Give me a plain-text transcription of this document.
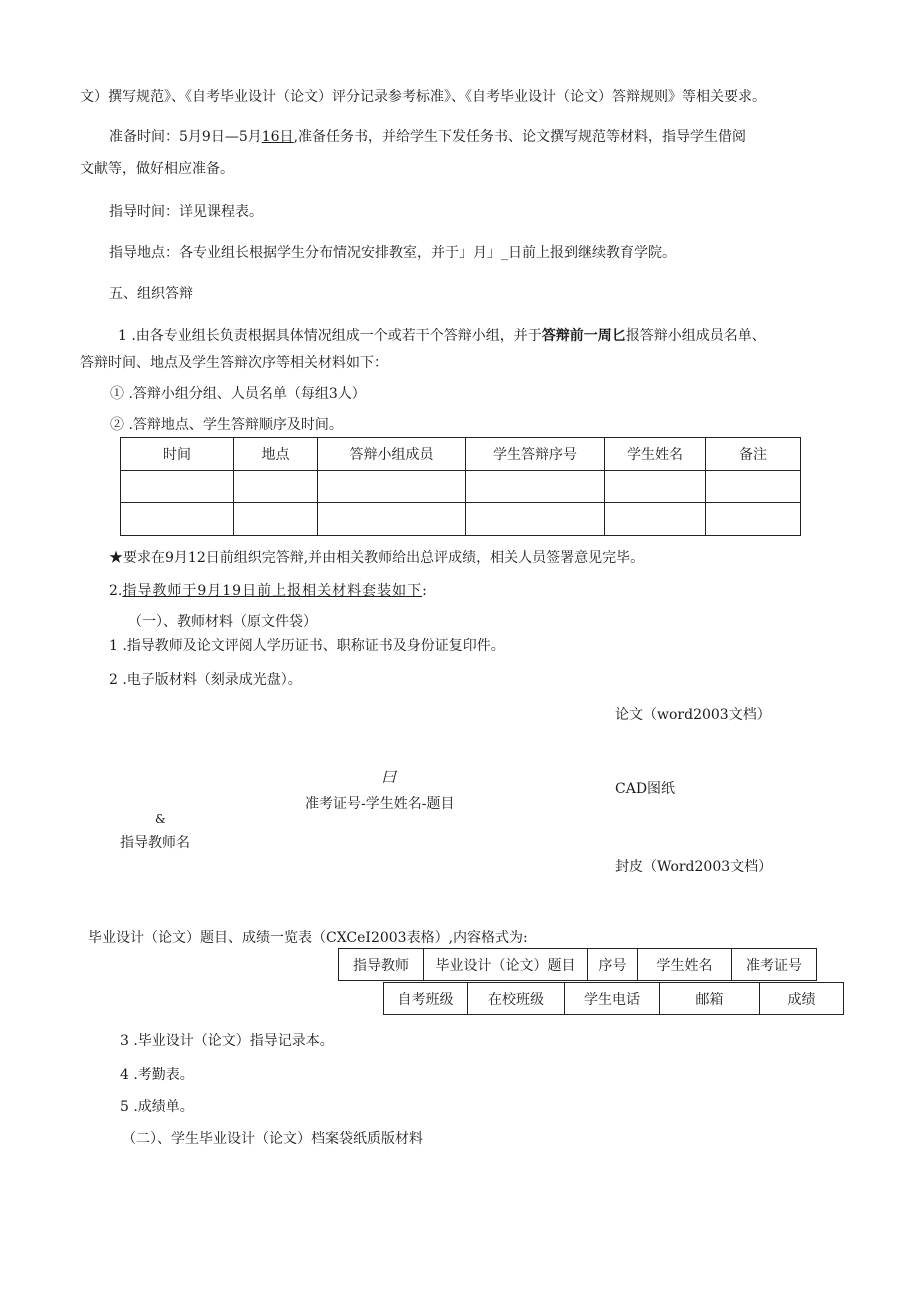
文）撰写规范》、《自考毕业设计（论文）评分记录参考标准》、《自考毕业设计（论文）答辩规则》等相关要求。
准备时间：5月9日—5月16日,准备任务书，并给学生下发任务书、论文撰写规范等材料，指导学生借阅
文献等，做好相应准备。
指导时间：详见课程表。
指导地点：各专业组长根据学生分布情况安排教室，并于」月」_日前上报到继续教育学院。
五、组织答辩
1 .由各专业组长负责根据具体情况组成一个或若干个答辩小组，并于答辩前一周匕报答辩小组成员名单、
答辩时间、地点及学生答辩次序等相关材料如下：
① .答辩小组分组、人员名单（每组3人）
② .答辩地点、学生答辩顺序及时间。
时间	地点	答辩小组成员	学生答辩序号	学生姓名	备注

★要求在9月12日前组织完答辩,并由相关教师给出总评成绩，相关人员签署意见完毕。
2.指导教师于9月19日前上报相关材料套装如下:
（一）、教师材料（原文件袋）
1 .指导教师及论文评阅人学历证书、职称证书及身份证复印件。
2 .电子版材料（刻录成光盘）。
论文（word2003文档）
曰
CAD图纸
准考证号-学生姓名-题目
&
指导教师名
封皮（Word2003文档）
毕业设计（论文）题目、成绩一览表（CXCeI2003表格）,内容格式为:
指导教师	毕业设计（论文）题目	序号	学生姓名	准考证号
自考班级	在校班级	学生电话	邮箱	成绩
3 .毕业设计（论文）指导记录本。
4 .考勤表。
5 .成绩单。
（二）、学生毕业设计（论文）档案袋纸质版材料
